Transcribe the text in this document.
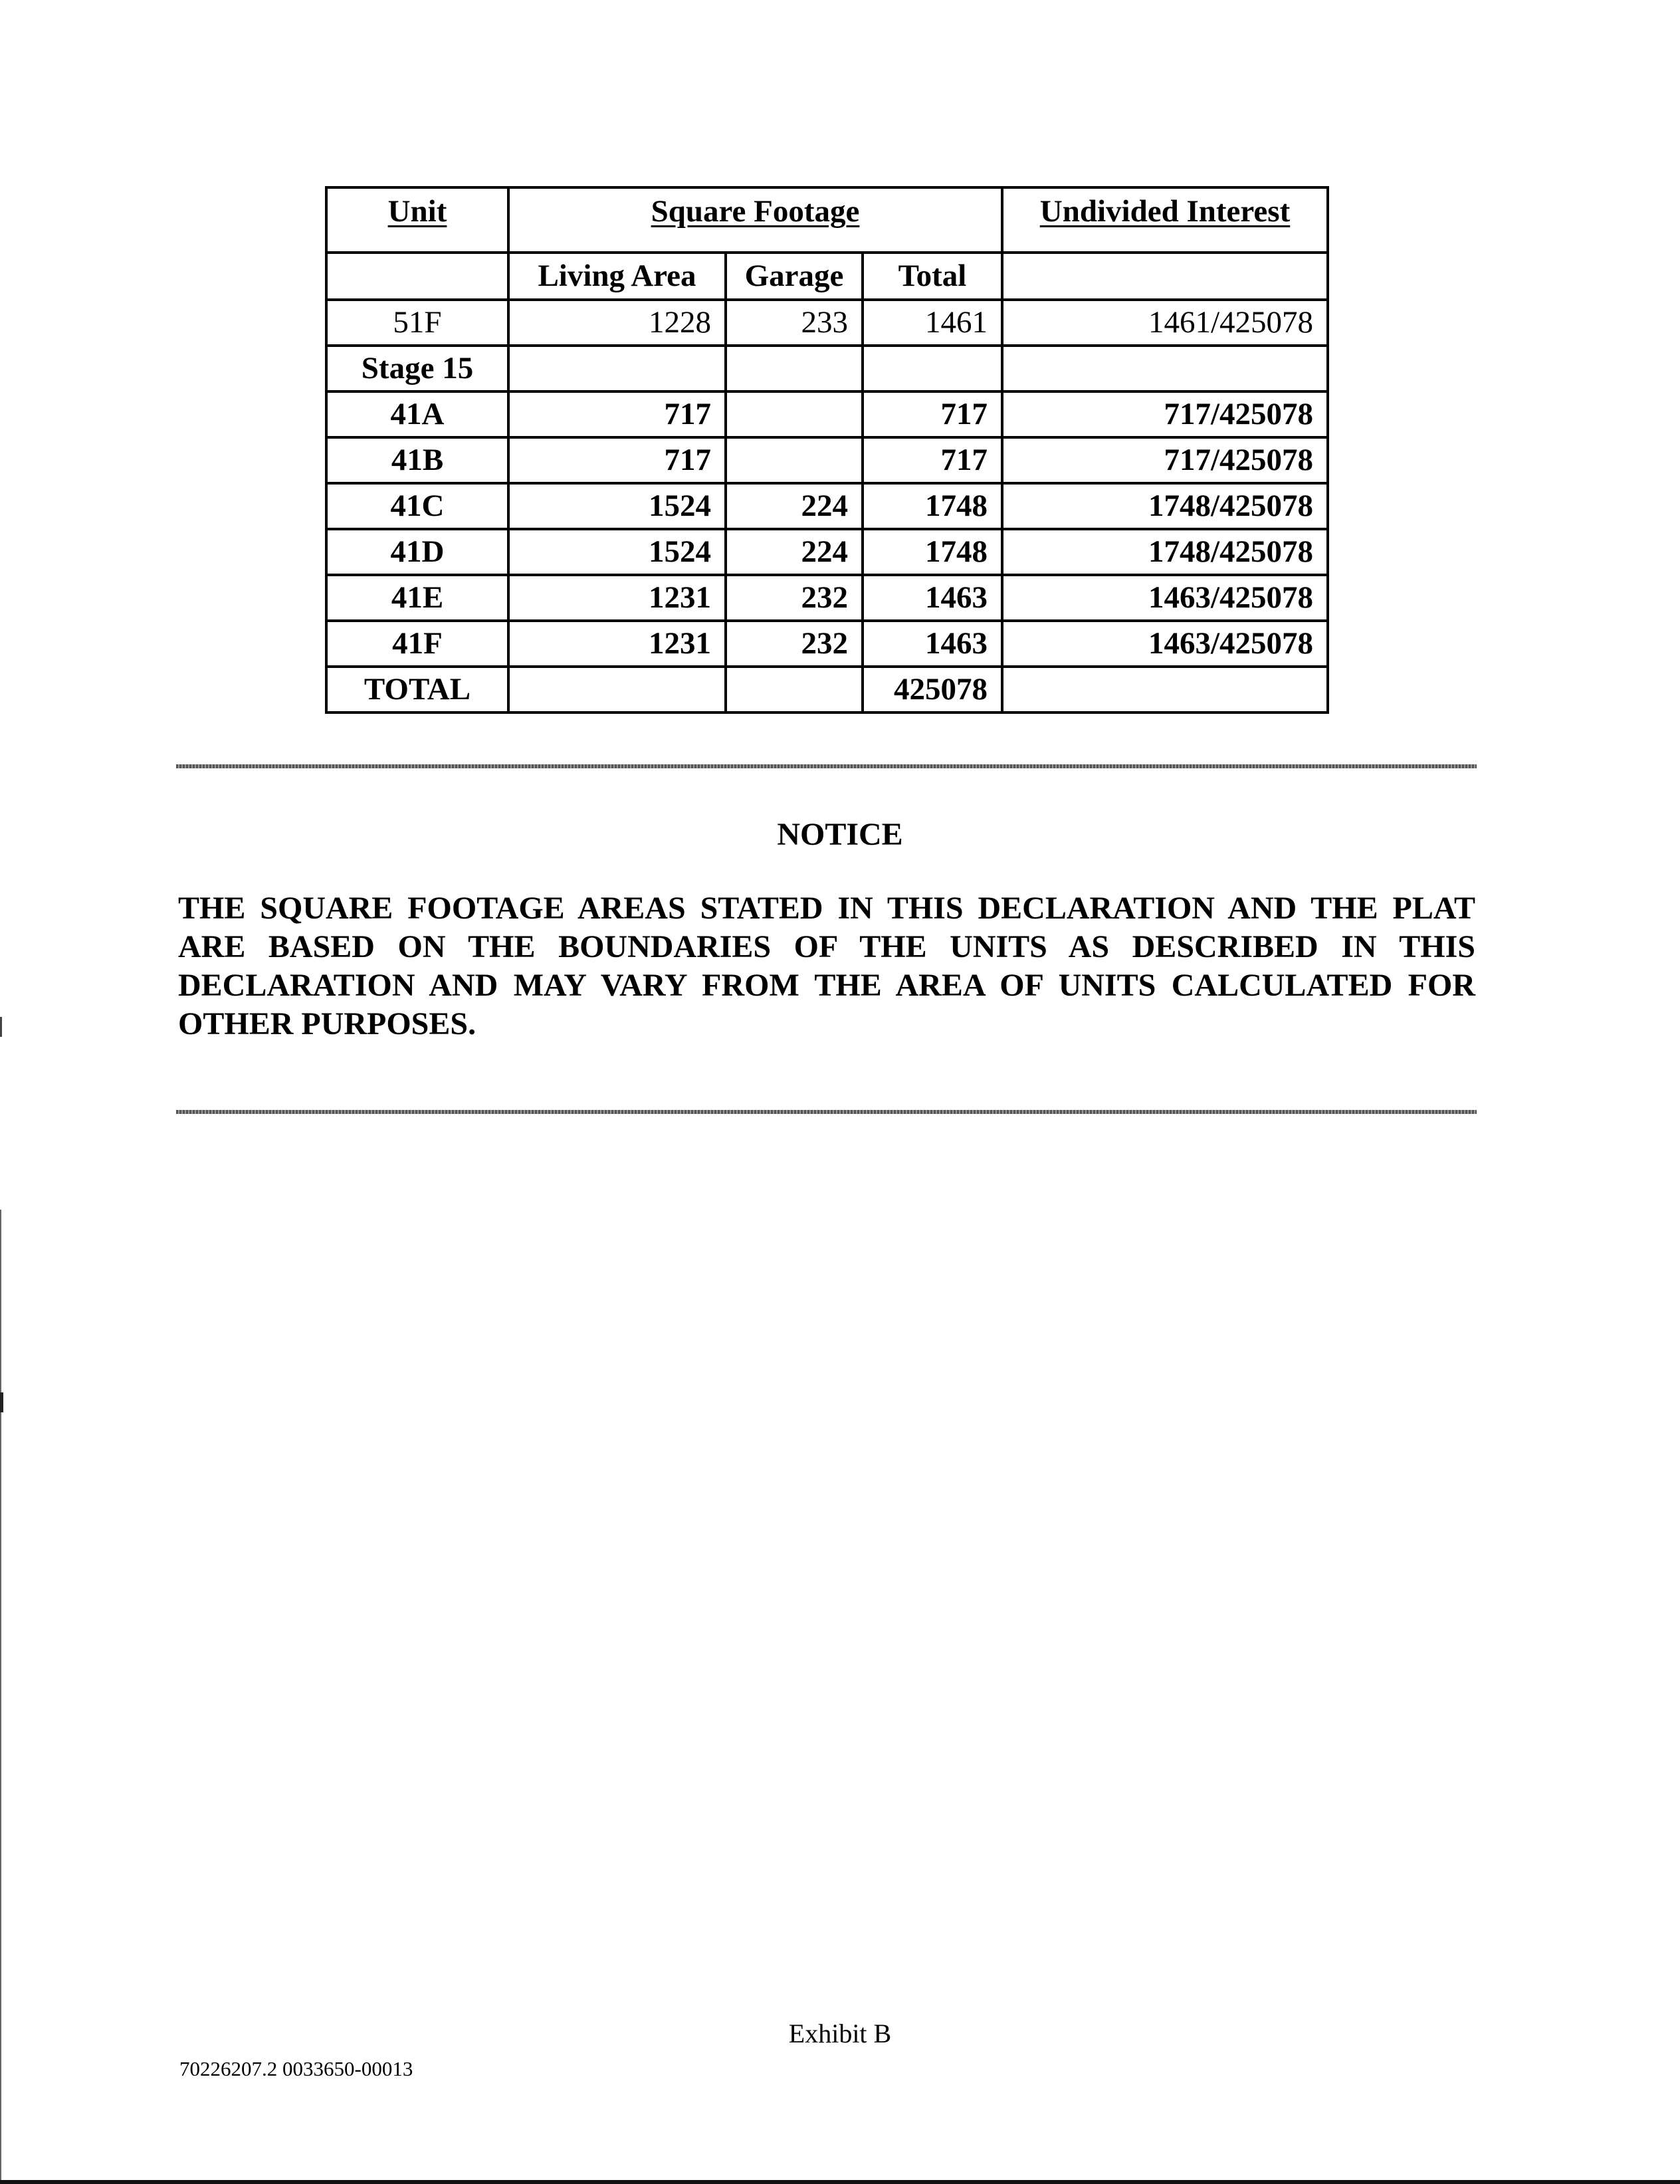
Unit	Square Footage			Undivided Interest
	Living Area	Garage	Total	
51F	1228	233	1461	1461/425078
Stage 15				
41A	717		717	717/425078
41B	717		717	717/425078
41C	1524	224	1748	1748/425078
41D	1524	224	1748	1748/425078
41E	1231	232	1463	1463/425078
41F	1231	232	1463	1463/425078
TOTAL			425078	
NOTICE
THE SQUARE FOOTAGE AREAS STATED IN THIS DECLARATION AND THE PLAT ARE BASED ON THE BOUNDARIES OF THE UNITS AS DESCRIBED IN THIS DECLARATION AND MAY VARY FROM THE AREA OF UNITS CALCULATED FOR OTHER PURPOSES.
Exhibit B
70226207.2 0033650-00013
